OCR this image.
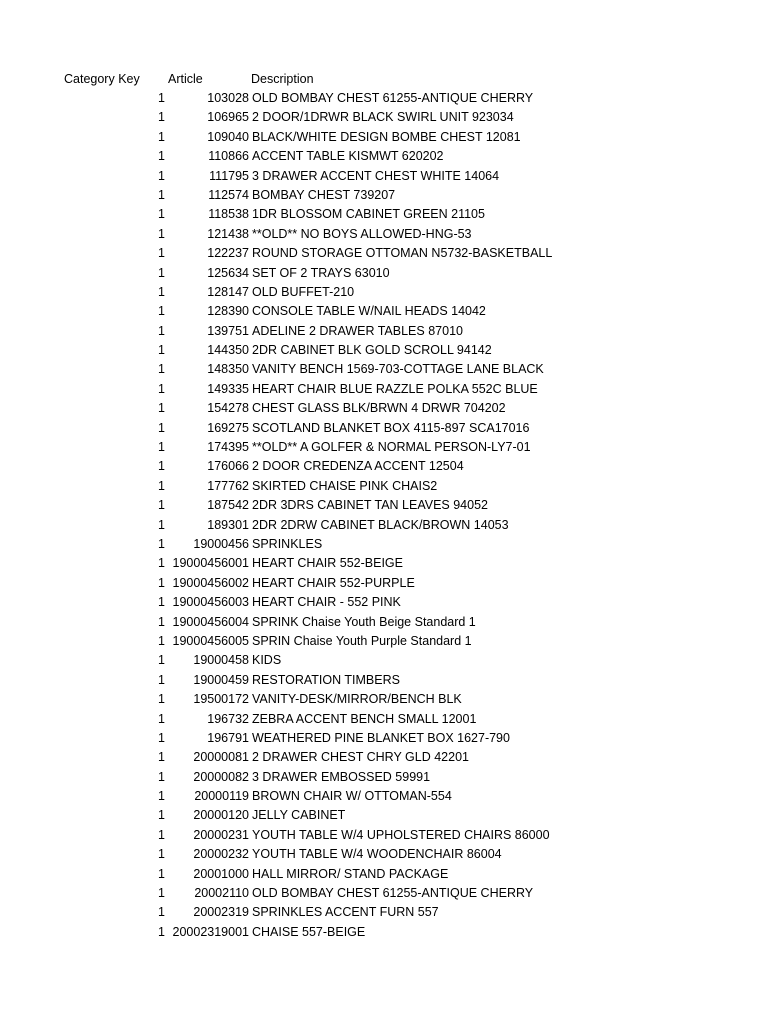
Category Key Article	Description
1	103028 OLD BOMBAY CHEST 61255-ANTIQUE CHERRY
1	106965 2 DOOR/1DRWR BLACK SWIRL UNIT 923034
1	109040 BLACK/WHITE DESIGN BOMBE CHEST 12081
1	110866 ACCENT TABLE KISMWT 620202
1	111795 3 DRAWER ACCENT CHEST WHITE 14064
1	112574 BOMBAY CHEST 739207
1	118538 1DR BLOSSOM CABINET GREEN 21105
1	121438 **OLD** NO BOYS ALLOWED-HNG-53
1	122237 ROUND STORAGE OTTOMAN N5732-BASKETBALL
1	125634 SET OF 2 TRAYS 63010
1	128147 OLD BUFFET-210
1	128390 CONSOLE TABLE W/NAIL HEADS 14042
1	139751 ADELINE 2 DRAWER TABLES 87010
1	144350 2DR CABINET BLK GOLD SCROLL 94142
1	148350 VANITY BENCH 1569-703-COTTAGE LANE BLACK
1	149335 HEART CHAIR BLUE RAZZLE POLKA 552C BLUE
1	154278 CHEST GLASS BLK/BRWN 4 DRWR 704202
1	169275 SCOTLAND BLANKET BOX 4115-897 SCA17016
1	174395 **OLD** A GOLFER & NORMAL PERSON-LY7-01
1	176066 2 DOOR CREDENZA ACCENT 12504
1	177762 SKIRTED CHAISE PINK CHAIS2
1	187542 2DR 3DRS CABINET TAN LEAVES 94052
1	189301 2DR 2DRW CABINET BLACK/BROWN 14053
1 19000456 SPRINKLES
1 19000456001 HEART CHAIR 552-BEIGE
1 19000456002 HEART CHAIR 552-PURPLE
1 19000456003 HEART CHAIR - 552 PINK
1 19000456004 SPRINK Chaise Youth Beige Standard 1
1 19000456005 SPRIN Chaise Youth Purple Standard 1
1 19000458 KIDS
1 19000459 RESTORATION TIMBERS
1 19500172 VANITY-DESK/MIRROR/BENCH BLK
1	196732 ZEBRA ACCENT BENCH SMALL 12001
1	196791 WEATHERED PINE BLANKET BOX 1627-790
1 20000081 2 DRAWER CHEST CHRY GLD 42201
1 20000082 3 DRAWER EMBOSSED 59991
1 20000119 BROWN CHAIR W/ OTTOMAN-554
1 20000120 JELLY CABINET
1 20000231 YOUTH TABLE W/4 UPHOLSTERED CHAIRS 86000
1 20000232 YOUTH TABLE W/4 WOODENCHAIR 86004
1 20001000 HALL MIRROR/ STAND PACKAGE
1 20002110 OLD BOMBAY CHEST 61255-ANTIQUE CHERRY
1 20002319 SPRINKLES ACCENT FURN 557
1 20002319001 CHAISE 557-BEIGE
